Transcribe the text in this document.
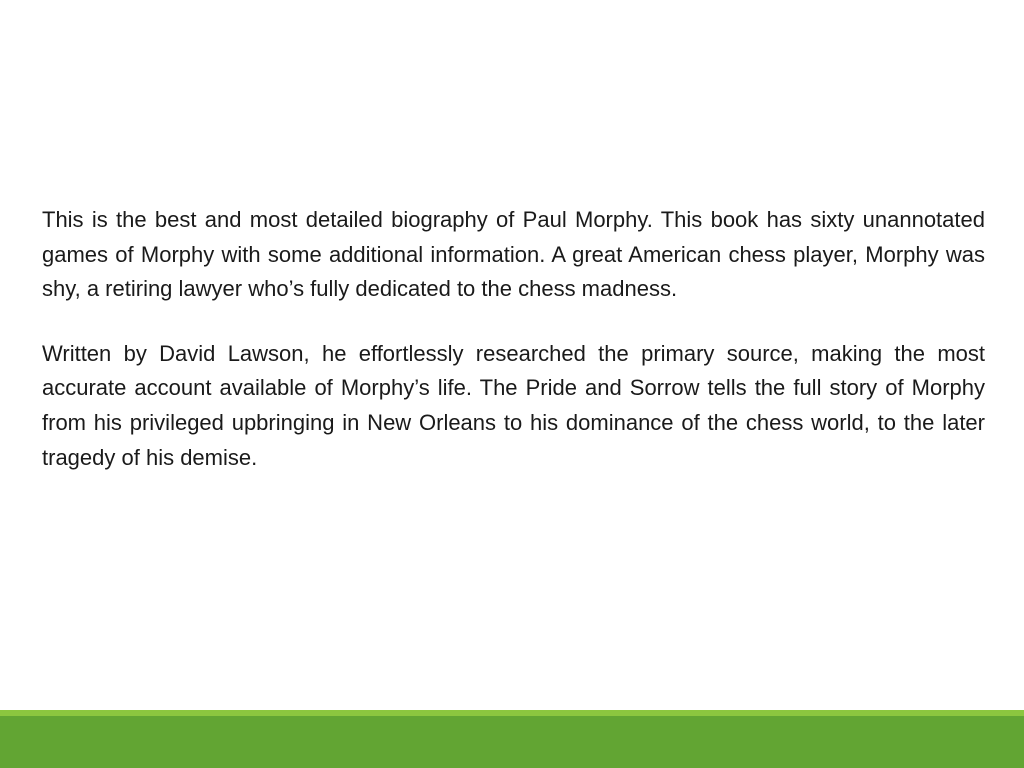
This is the best and most detailed biography of Paul Morphy. This book has sixty unannotated games of Morphy with some additional information. A great American chess player, Morphy was shy, a retiring lawyer who’s fully dedicated to the chess madness.

Written by David Lawson, he effortlessly researched the primary source, making the most accurate account available of Morphy’s life. The Pride and Sorrow tells the full story of Morphy from his privileged upbringing in New Orleans to his dominance of the chess world, to the later tragedy of his demise.
